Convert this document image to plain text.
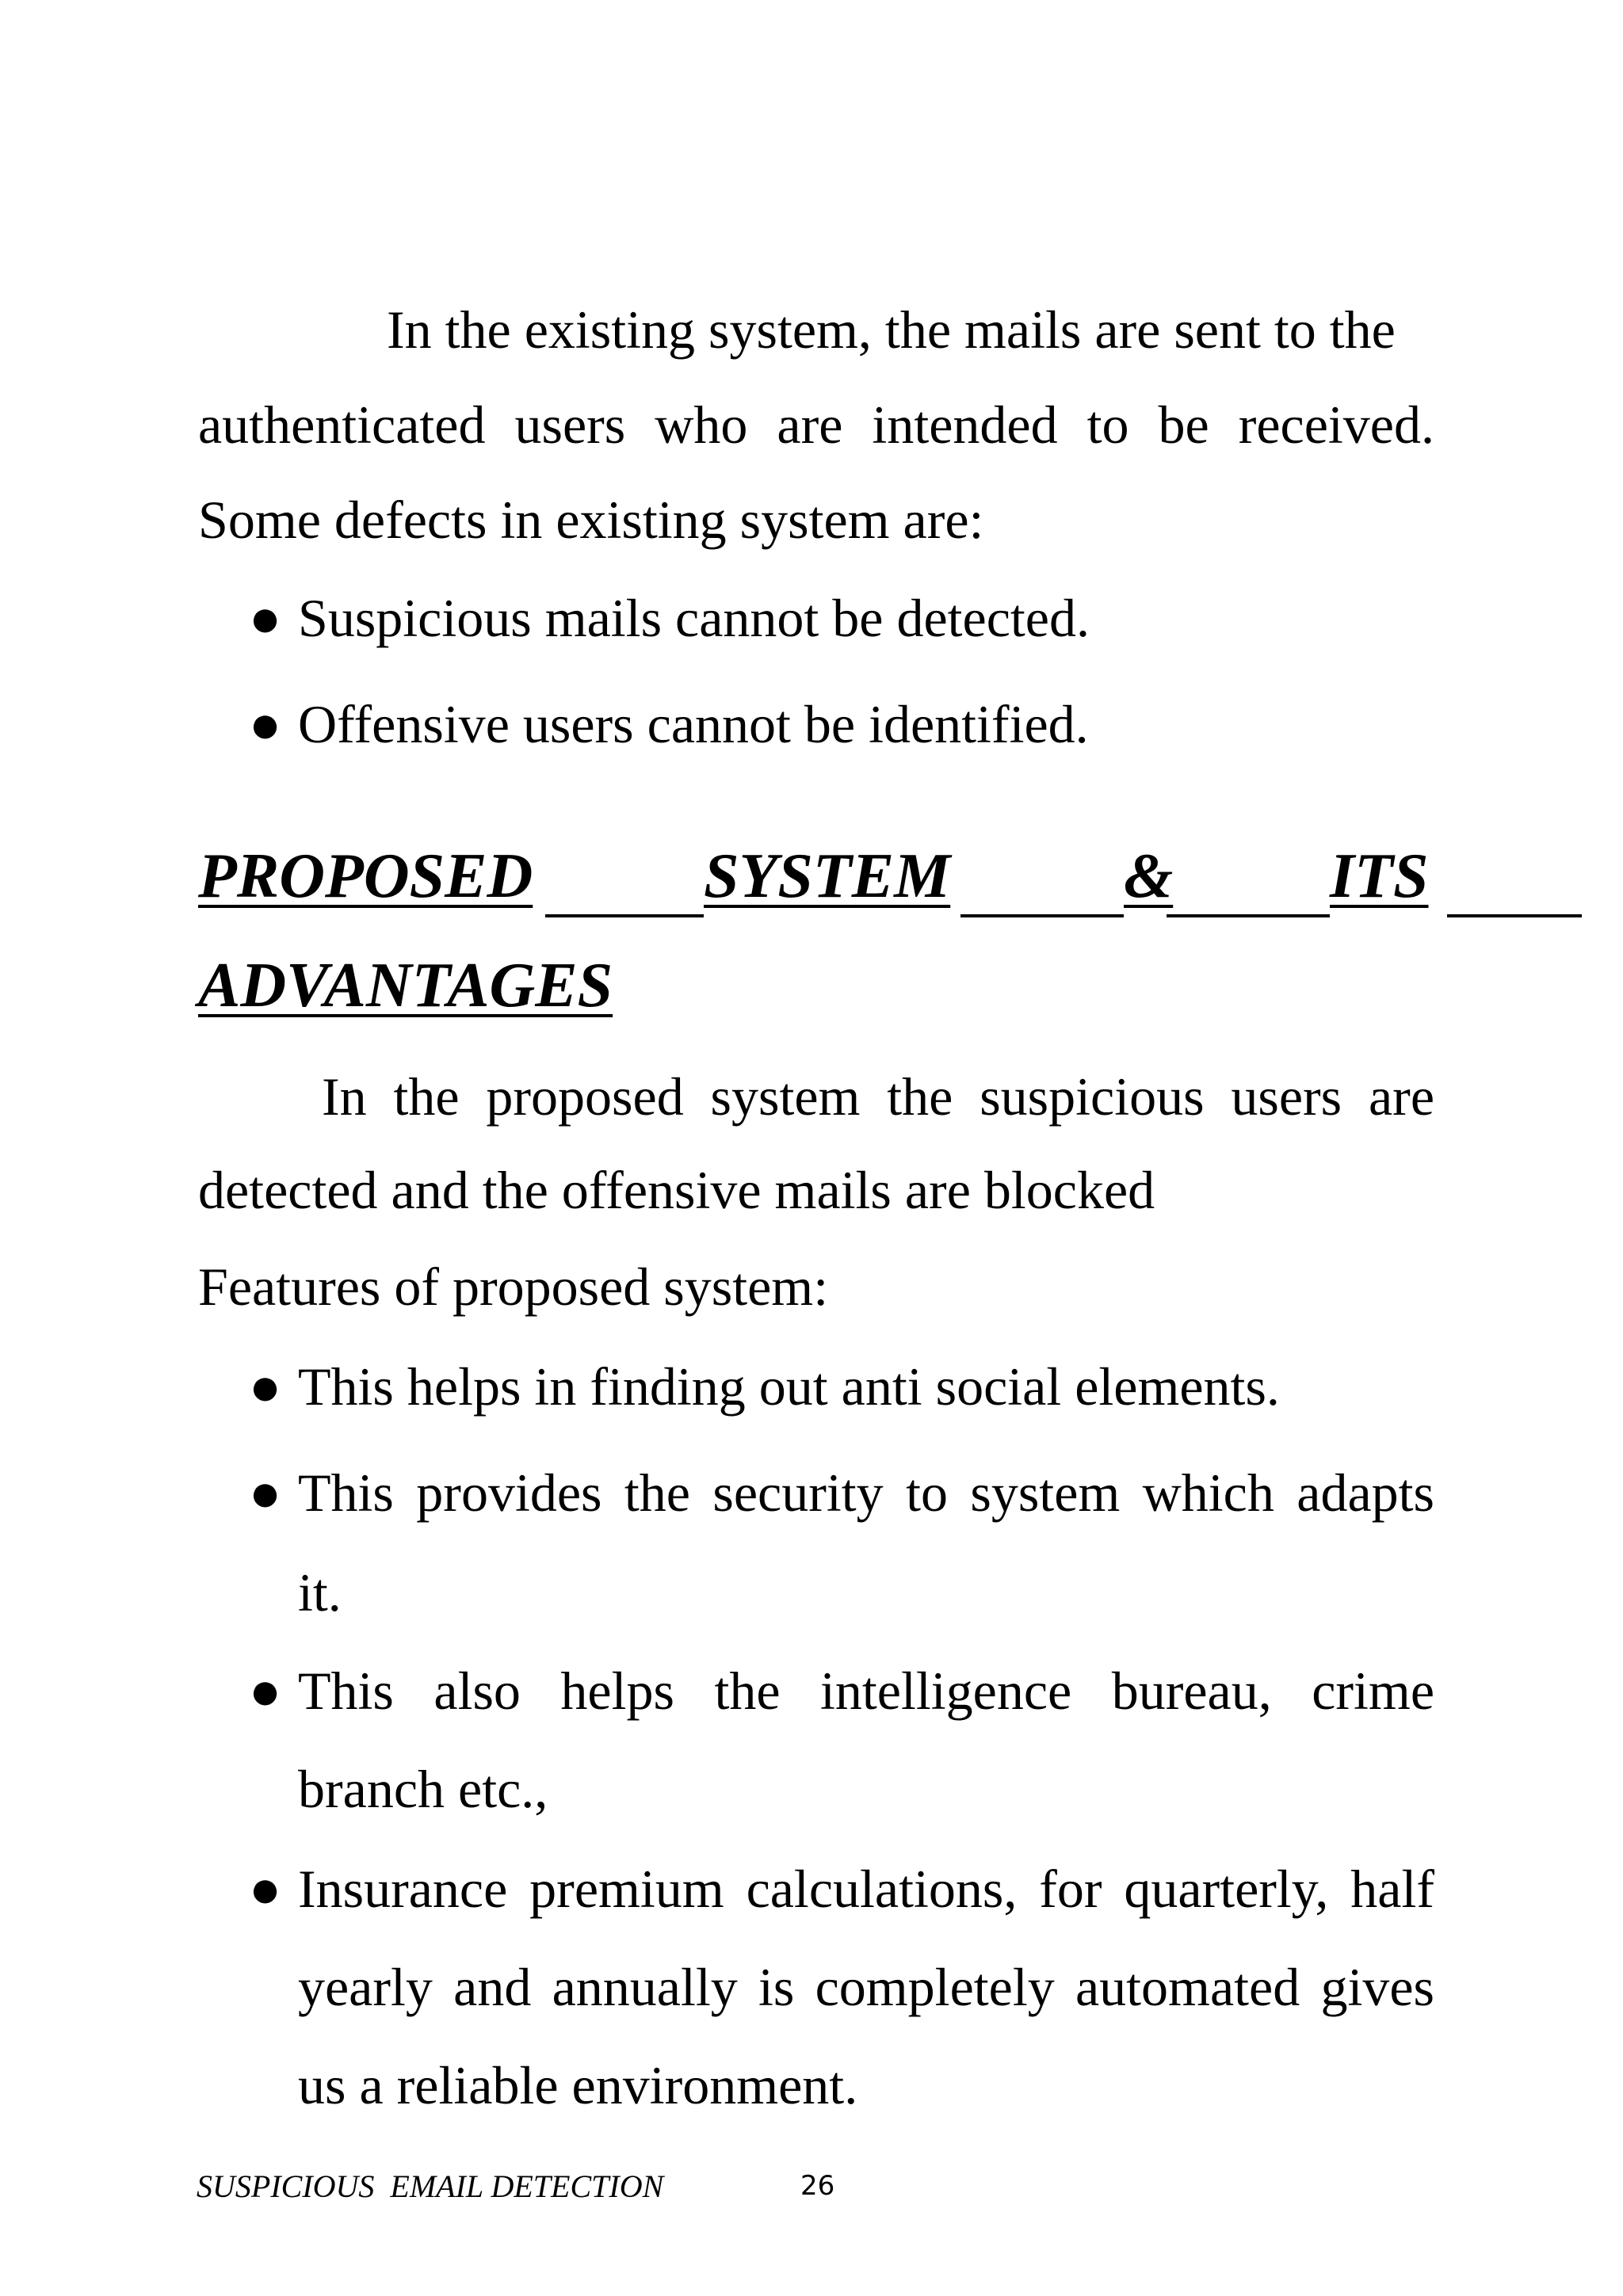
In the existing system, the mails are sent to the
authenticated users who are intended to be received.
Some defects in existing system are:
● Suspicious mails cannot be detected.
● Offensive users cannot be identified.
PROPOSED	SYSTEM	& ITS
ADVANTAGES
In the proposed system the suspicious users are
detected and the offensive mails are blocked
Features of proposed system:
● This helps in finding out anti social elements.
● This provides the security to system which adapts
it.
● This also helps the intelligence bureau, crime
branch etc.,
● Insurance premium calculations, for quarterly, half
yearly and annually is completely automated gives
us a reliable environment.
SUSPICIOUS  EMAIL DETECTION	26
